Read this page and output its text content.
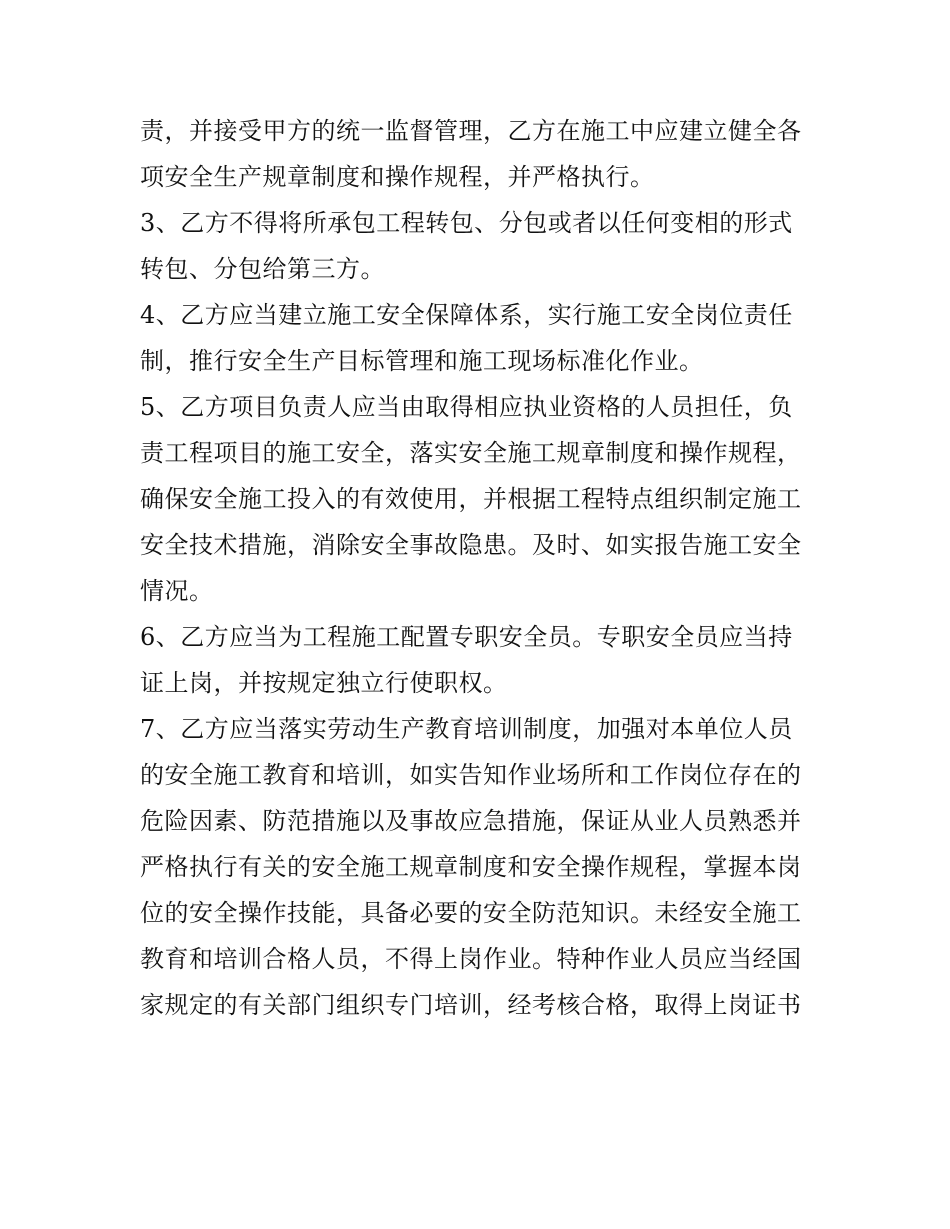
责，并接受甲方的统一监督管理，乙方在施工中应建立健全各
项安全生产规章制度和操作规程，并严格执行。
3、乙方不得将所承包工程转包、分包或者以任何变相的形式
转包、分包给第三方。
4、乙方应当建立施工安全保障体系，实行施工安全岗位责任
制，推行安全生产目标管理和施工现场标准化作业。
5、乙方项目负责人应当由取得相应执业资格的人员担任，负
责工程项目的施工安全，落实安全施工规章制度和操作规程，
确保安全施工投入的有效使用，并根据工程特点组织制定施工
安全技术措施，消除安全事故隐患。及时、如实报告施工安全
情况。
6、乙方应当为工程施工配置专职安全员。专职安全员应当持
证上岗，并按规定独立行使职权。
7、乙方应当落实劳动生产教育培训制度，加强对本单位人员
的安全施工教育和培训，如实告知作业场所和工作岗位存在的
危险因素、防范措施以及事故应急措施，保证从业人员熟悉并
严格执行有关的安全施工规章制度和安全操作规程，掌握本岗
位的安全操作技能，具备必要的安全防范知识。未经安全施工
教育和培训合格人员，不得上岗作业。特种作业人员应当经国
家规定的有关部门组织专门培训，经考核合格，取得上岗证书
